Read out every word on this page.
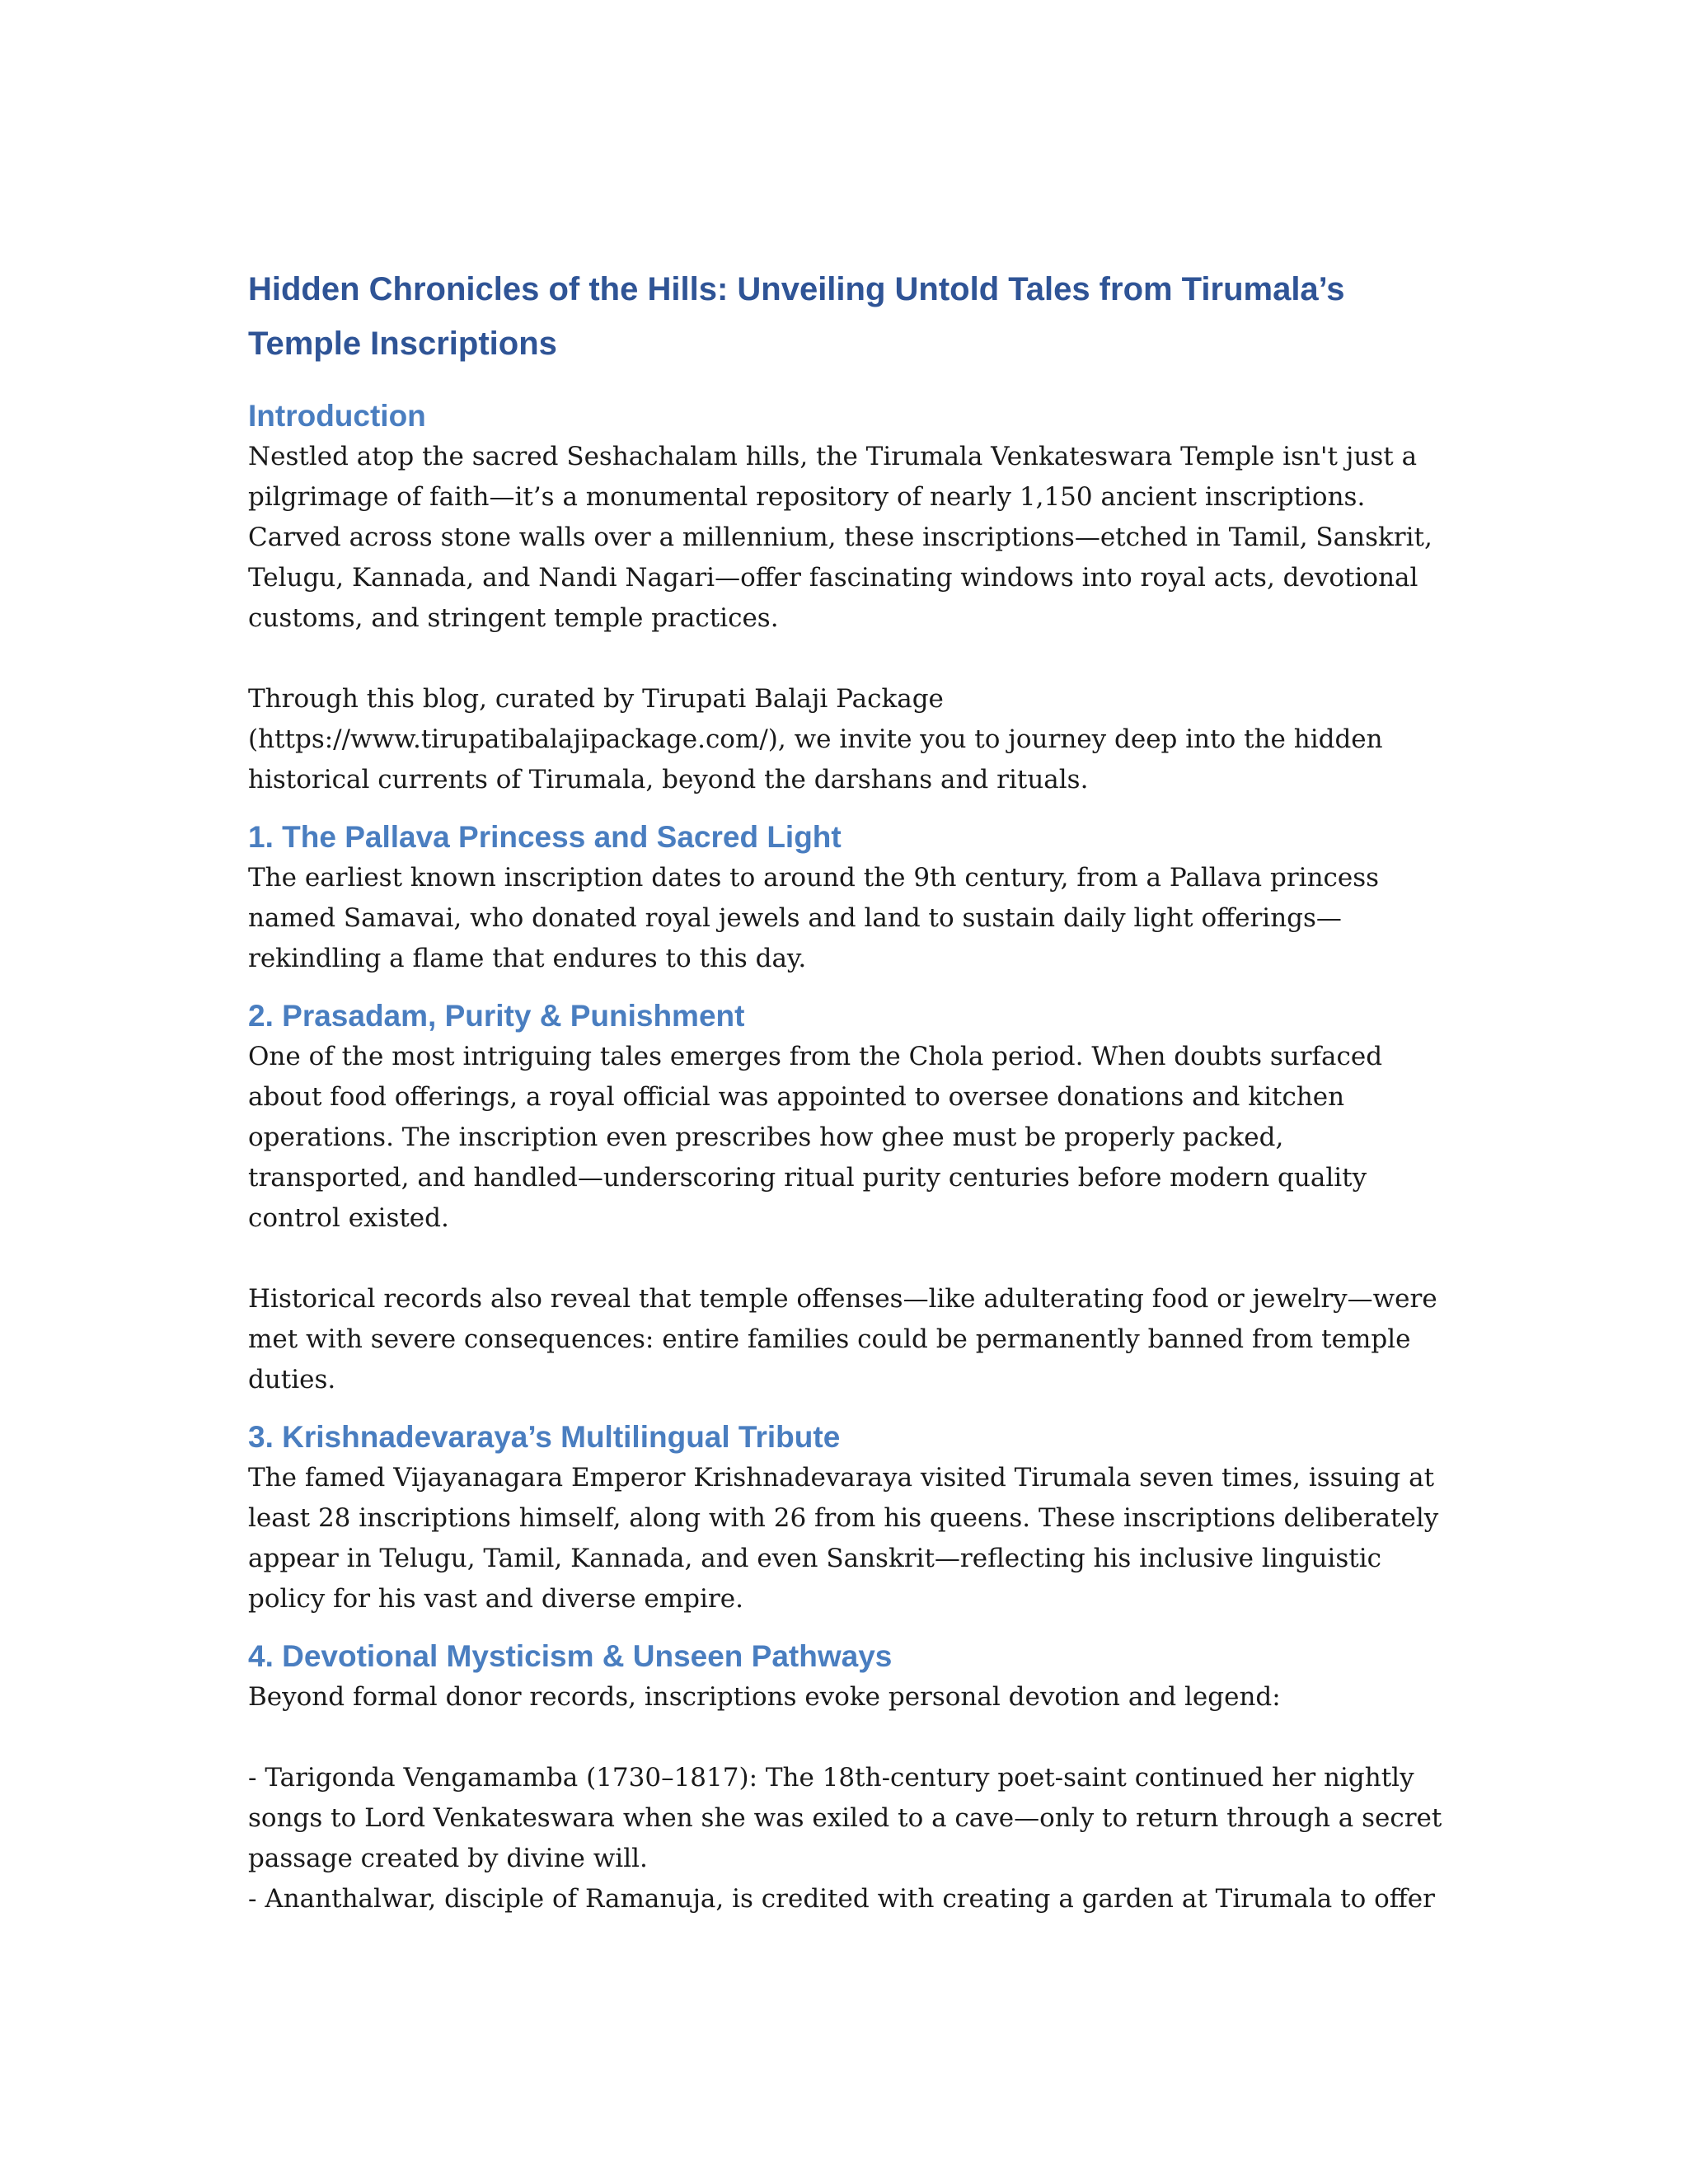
Hidden Chronicles of the Hills: Unveiling Untold Tales from Tirumala’s Temple Inscriptions
Introduction

Nestled atop the sacred Seshachalam hills, the Tirumala Venkateswara Temple isn't just a pilgrimage of faith—it’s a monumental repository of nearly 1,150 ancient inscriptions. Carved across stone walls over a millennium, these inscriptions—etched in Tamil, Sanskrit, Telugu, Kannada, and Nandi Nagari—offer fascinating windows into royal acts, devotional customs, and stringent temple practices.

Through this blog, curated by Tirupati Balaji Package (https://www.tirupatibalajipackage.com/), we invite you to journey deep into the hidden historical currents of Tirumala, beyond the darshans and rituals.

1. The Pallava Princess and Sacred Light

The earliest known inscription dates to around the 9th century, from a Pallava princess named Samavai, who donated royal jewels and land to sustain daily light offerings—rekindling a flame that endures to this day.

2. Prasadam, Purity & Punishment

One of the most intriguing tales emerges from the Chola period. When doubts surfaced about food offerings, a royal official was appointed to oversee donations and kitchen operations. The inscription even prescribes how ghee must be properly packed, transported, and handled—underscoring ritual purity centuries before modern quality control existed.

Historical records also reveal that temple offenses—like adulterating food or jewelry—were met with severe consequences: entire families could be permanently banned from temple duties.

3. Krishnadevaraya’s Multilingual Tribute

The famed Vijayanagara Emperor Krishnadevaraya visited Tirumala seven times, issuing at least 28 inscriptions himself, along with 26 from his queens. These inscriptions deliberately appear in Telugu, Tamil, Kannada, and even Sanskrit—reflecting his inclusive linguistic policy for his vast and diverse empire.

4. Devotional Mysticism & Unseen Pathways

Beyond formal donor records, inscriptions evoke personal devotion and legend:

- Tarigonda Vengamamba (1730–1817): The 18th-century poet-saint continued her nightly songs to Lord Venkateswara when she was exiled to a cave—only to return through a secret passage created by divine will.

- Ananthalwar, disciple of Ramanuja, is credited with creating a garden at Tirumala to offer
